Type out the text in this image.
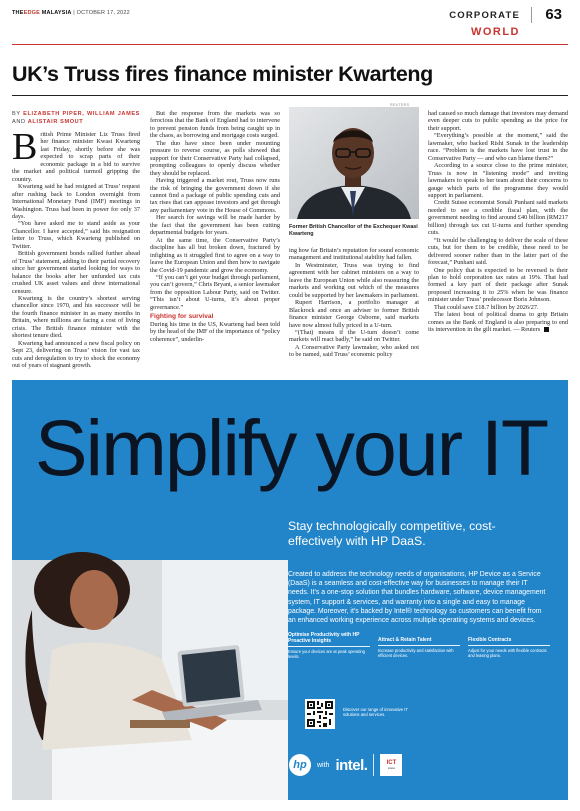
THEEDGE MALAYSIA | OCTOBER 17, 2022	CORPORATE 63
WORLD
UK’s Truss fires finance minister Kwarteng
BY ELIZABETH PIPER, WILLIAM JAMES AND ALISTAIR SMOUT

British Prime Minister Liz Truss fired her finance minister Kwasi Kwarteng last Friday, shortly before she was expected to scrap parts of their economic package in a bid to survive the market and political turmoil gripping the country.

Kwarteng said he had resigned at Truss’ request after rushing back to London overnight from International Monetary Fund (IMF) meetings in Washington. Truss had been in power for only 37 days.

“You have asked me to stand aside as your Chancellor. I have accepted,” said his resignation letter to Truss, which Kwarteng published on Twitter.

British government bonds rallied further ahead of Truss’ statement, adding to their partial recovery since her government started looking for ways to balance the books after her unfunded tax cuts crushed UK asset values and drew international censure.

Kwarteng is the country’s shortest serving chancellor since 1970, and his successor will be the fourth finance minister in as many months in Britain, where millions are facing a cost of living crisis. The British finance minister with the shortest tenure died.

Kwarteng had announced a new fiscal policy on Sept 23, delivering on Truss’ vision for vast tax cuts and deregulation to try to shock the economy out of years of stagnant growth.

But the response from the markets was so ferocious that the Bank of England had to intervene to prevent pension funds from being caught up in the chaos, as borrowing and mortgage costs surged.

The duo have since been under mounting pressure to reverse course, as polls showed that support for their Conservative Party had collapsed, prompting colleagues to openly discuss whether they should be replaced.

Having triggered a market rout, Truss now runs the risk of bringing the government down if she cannot find a package of public spending cuts and tax rises that can appease investors and get through any parliamentary vote in the House of Commons.

Her search for savings will be made harder by the fact that the government has been cutting departmental budgets for years.

At the same time, the Conservative Party’s discipline has all but broken down, fractured by infighting as it struggled first to agree on a way to leave the European Union and then how to navigate the Covid-19 pandemic and grow the economy.

“If you can’t get your budget through parliament, you can’t govern,” Chris Bryant, a senior lawmaker from the opposition Labour Party, said on Twitter. “This isn’t about U-turns, it’s about proper governance.”

Fighting for survival

During his time in the US, Kwarteng had been told by the head of the IMF of the importance of “policy coherence”, underlin-

REUTERS
Former British Chancellor of the Exchequer Kwasi Kwarteng

ing how far Britain’s reputation for sound economic management and institutional stability had fallen.

In Westminster, Truss was trying to find agreement with her cabinet ministers on a way to leave the European Union while also reassuring the markets and working out which of the measures could be supported by her lawmakers in parliament.

Rupert Harrison, a portfolio manager at Blackrock and once an adviser to former British finance minister George Osborne, said markets have now almost fully priced in a U-turn.

“(That) means if the U-turn doesn’t come markets will react badly,” he said on Twitter.

A Conservative Party lawmaker, who asked not to be named, said Truss’ economic policy

had caused so much damage that investors may demand even deeper cuts to public spending as the price for their support.

“Everything’s possible at the moment,” said the lawmaker, who backed Rishi Sunak in the leadership race. “Problem is the markets have lost trust in the Conservative Party — and who can blame them?”

According to a source close to the prime minister, Truss is now in “listening mode” and inviting lawmakers to speak to her team about their concerns to gauge which parts of the programme they would support in parliament.

Credit Suisse economist Sonali Punhani said markets needed to see a credible fiscal plan, with the government needing to find around £40 billion (RM217 billion) through tax cut U-turns and further spending cuts.

“It would be challenging to deliver the scale of these cuts, but for them to be credible, these need to be delivered sooner rather than in the latter part of the forecast,” Punhani said.

One policy that is expected to be reversed is their plan to hold corporation tax rates at 19%. That had formed a key part of their package after Sunak proposed increasing it to 25% when he was finance minister under Truss’ predecessor Boris Johnson.

That could save £18.7 billion by 2026/27.

The latest bout of political drama to grip Britain comes as the Bank of England is also preparing to end its intervention in the gilt market. — Reuters

Simplify your IT
Stay technologically competitive, cost-effectively with HP DaaS.
Created to address the technology needs of organisations, HP Device as a Service (DaaS) is a seamless and cost-effective way for businesses to manage their IT needs. It’s a one-stop solution that bundles hardware, software, device management system, IT support & services, and warranty into a single and easy to manage package. Moreover, it’s backed by Intel® technology so customers can benefit from an enhanced working experience across multiple operating systems and devices.
Optimise Productivity with HP Proactive Insights
Ensure your devices are at peak operating levels.
Attract & Retain Talent
Increase productivity and satisfaction with efficient devices.
Flexible Contracts
Adjust for your needs with flexible contracts and leasing plans.
Discover our range of innovative IT solutions and services.
hp	with intel.	ICT
zone
